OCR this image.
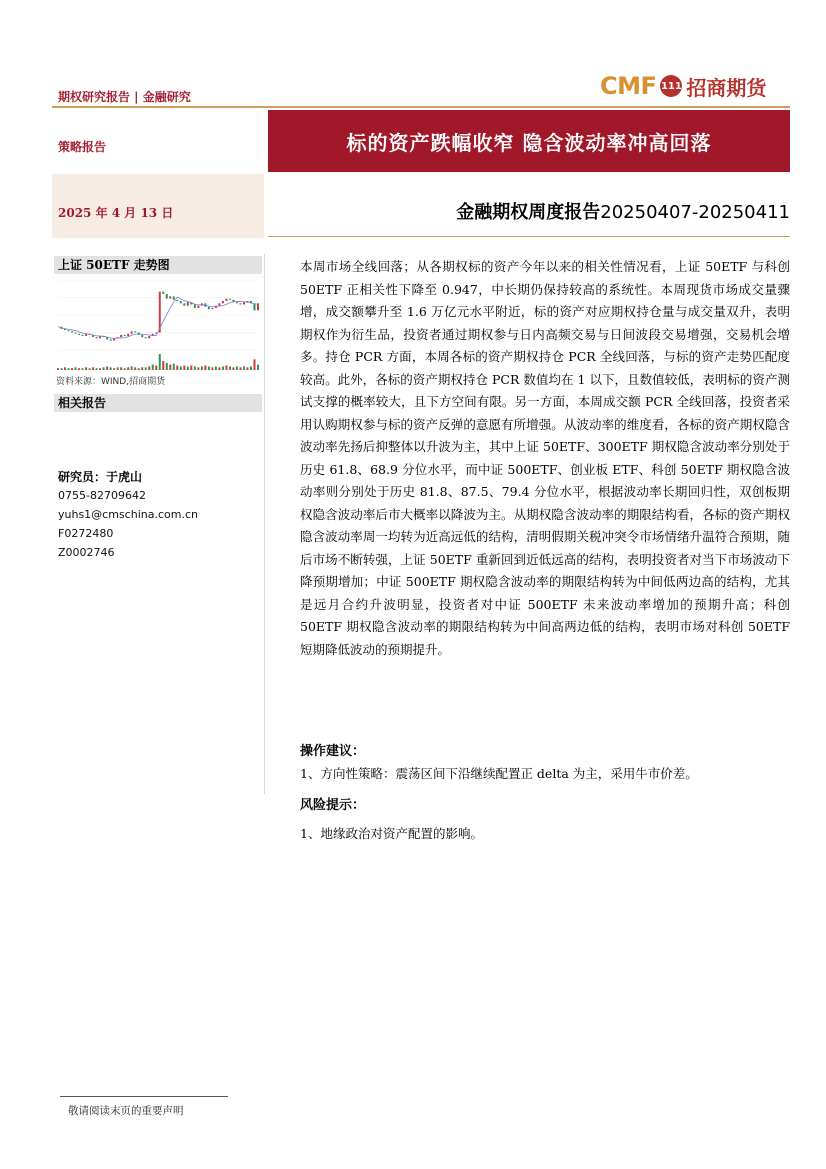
期权研究报告 | 金融研究	CMF 111 招商期货
策略报告	标的资产跌幅收窄 隐含波动率冲高回落
2025 年 4 月 13 日	金融期权周度报告20250407-20250411
上证 50ETF 走势图
资料来源：WIND,招商期货
相关报告
研究员：于虎山
0755-82709642
yuhs1@cmschina.com.cn
F0272480
Z0002746
本周市场全线回落；从各期权标的资产今年以来的相关性情况看，上证 50ETF 与科创 50ETF 正相关性下降至 0.947，中长期仍保持较高的系统性。本周现货市场成交量骤增，成交额攀升至 1.6 万亿元水平附近，标的资产对应期权持仓量与成交量双升，表明期权作为衍生品，投资者通过期权参与日内高频交易与日间波段交易增强，交易机会增多。持仓 PCR 方面，本周各标的资产期权持仓 PCR 全线回落，与标的资产走势匹配度较高。此外，各标的资产期权持仓 PCR 数值均在 1 以下，且数值较低，表明标的资产测试支撑的概率较大，且下方空间有限。另一方面，本周成交额 PCR 全线回落，投资者采用认购期权参与标的资产反弹的意愿有所增强。从波动率的维度看，各标的资产期权隐含波动率先扬后抑整体以升波为主，其中上证 50ETF、300ETF 期权隐含波动率分别处于历史 61.8、68.9 分位水平，而中证 500ETF、创业板 ETF、科创 50ETF 期权隐含波动率则分别处于历史 81.8、87.5、79.4 分位水平，根据波动率长期回归性，双创板期权隐含波动率后市大概率以降波为主。从期权隐含波动率的期限结构看，各标的资产期权隐含波动率周一均转为近高远低的结构，清明假期关税冲突令市场情绪升温符合预期，随后市场不断转强，上证 50ETF 重新回到近低远高的结构，表明投资者对当下市场波动下降预期增加；中证 500ETF 期权隐含波动率的期限结构转为中间低两边高的结构，尤其是远月合约升波明显，投资者对中证 500ETF 未来波动率增加的预期升高；科创 50ETF 期权隐含波动率的期限结构转为中间高两边低的结构，表明市场对科创 50ETF 短期降低波动的预期提升。
操作建议：
1、方向性策略：震荡区间下沿继续配置正 delta 为主，采用牛市价差。
风险提示：
1、地缘政治对资产配置的影响。
敬请阅读末页的重要声明
